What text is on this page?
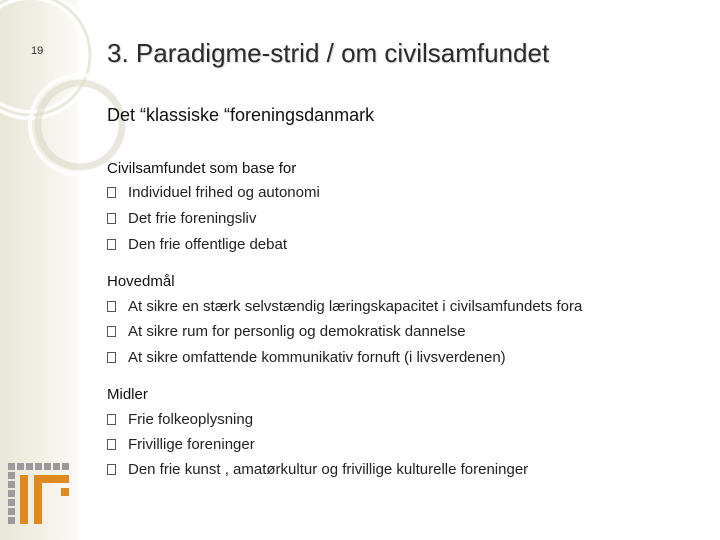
19 3. Paradigme-strid / om civilsamfundet
Det “klassiske “foreningsdanmark
Civilsamfundet som base for
Individuel frihed og autonomi
Det frie foreningsliv
Den frie offentlige debat
Hovedmål
At sikre en stærk selvstændig læringskapacitet i civilsamfundets fora
At sikre rum for personlig og demokratisk dannelse
At sikre omfattende kommunikativ fornuft (i livsverdenen)
Midler
Frie folkeoplysning
Frivillige foreninger
Den frie kunst , amatørkultur og frivillige kulturelle foreninger
